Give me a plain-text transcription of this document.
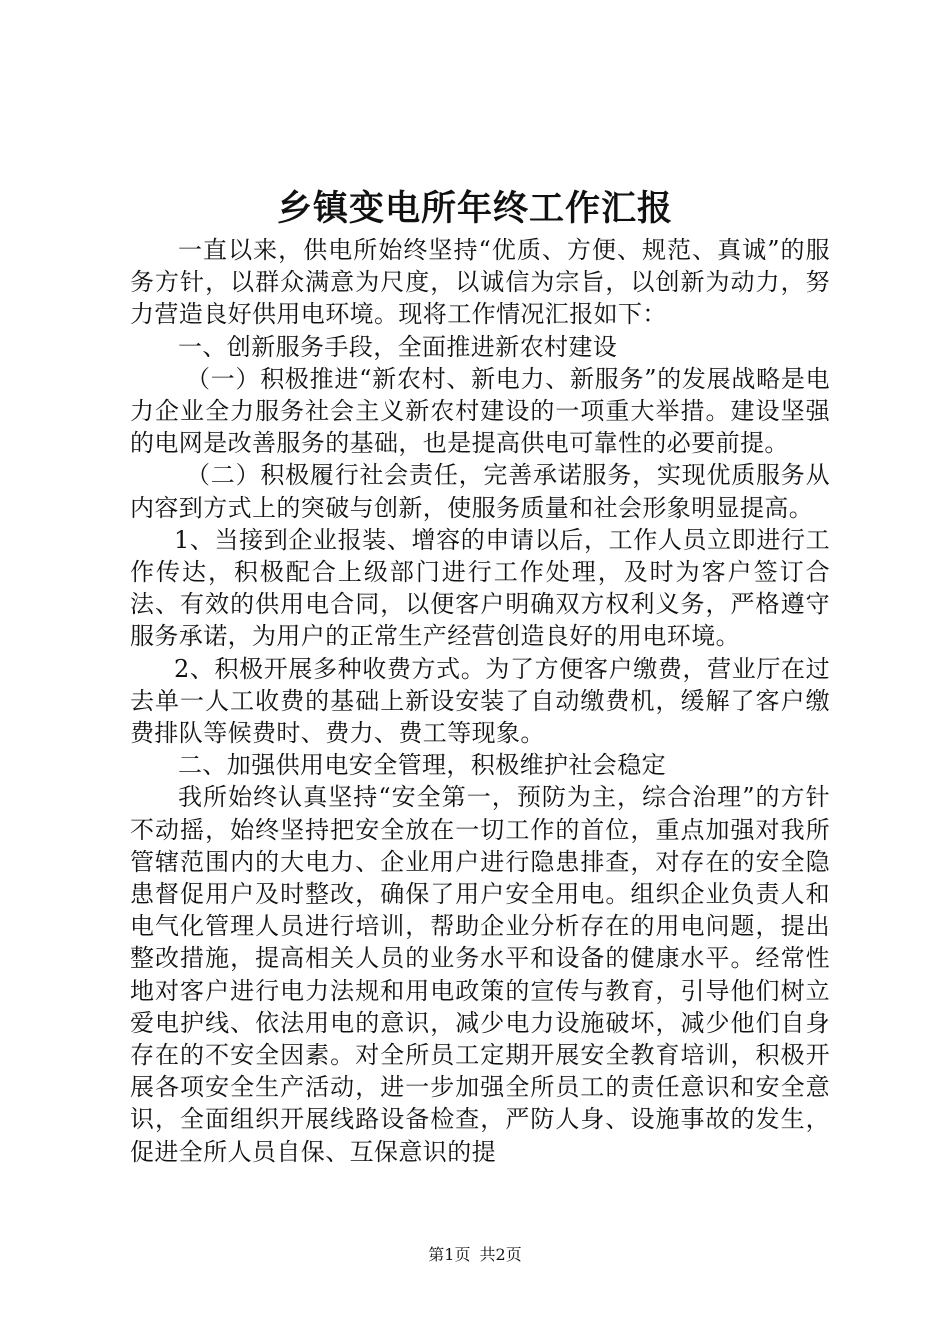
乡镇变电所年终工作汇报

一直以来，供电所始终坚持“优质、方便、规范、真诚”的服务方针，以群众满意为尺度，以诚信为宗旨，以创新为动力，努力营造良好供用电环境。现将工作情况汇报如下：

一、创新服务手段，全面推进新农村建设

（一）积极推进“新农村、新电力、新服务”的发展战略是电力企业全力服务社会主义新农村建设的一项重大举措。建设坚强的电网是改善服务的基础，也是提高供电可靠性的必要前提。

（二）积极履行社会责任，完善承诺服务，实现优质服务从内容到方式上的突破与创新，使服务质量和社会形象明显提高。

1、当接到企业报装、增容的申请以后，工作人员立即进行工作传达，积极配合上级部门进行工作处理，及时为客户签订合法、有效的供用电合同，以便客户明确双方权利义务，严格遵守服务承诺，为用户的正常生产经营创造良好的用电环境。

2、积极开展多种收费方式。为了方便客户缴费，营业厅在过去单一人工收费的基础上新设安装了自动缴费机，缓解了客户缴费排队等候费时、费力、费工等现象。

二、加强供用电安全管理，积极维护社会稳定

我所始终认真坚持“安全第一，预防为主，综合治理”的方针不动摇，始终坚持把安全放在一切工作的首位，重点加强对我所管辖范围内的大电力、企业用户进行隐患排查，对存在的安全隐患督促用户及时整改，确保了用户安全用电。组织企业负责人和电气化管理人员进行培训，帮助企业分析存在的用电问题，提出整改措施，提高相关人员的业务水平和设备的健康水平。经常性地对客户进行电力法规和用电政策的宣传与教育，引导他们树立爱电护线、依法用电的意识，减少电力设施破坏，减少他们自身存在的不安全因素。对全所员工定期开展安全教育培训，积极开展各项安全生产活动，进一步加强全所员工的责任意识和安全意识，全面组织开展线路设备检查，严防人身、设施事故的发生，促进全所人员自保、互保意识的提

第1页 共2页
